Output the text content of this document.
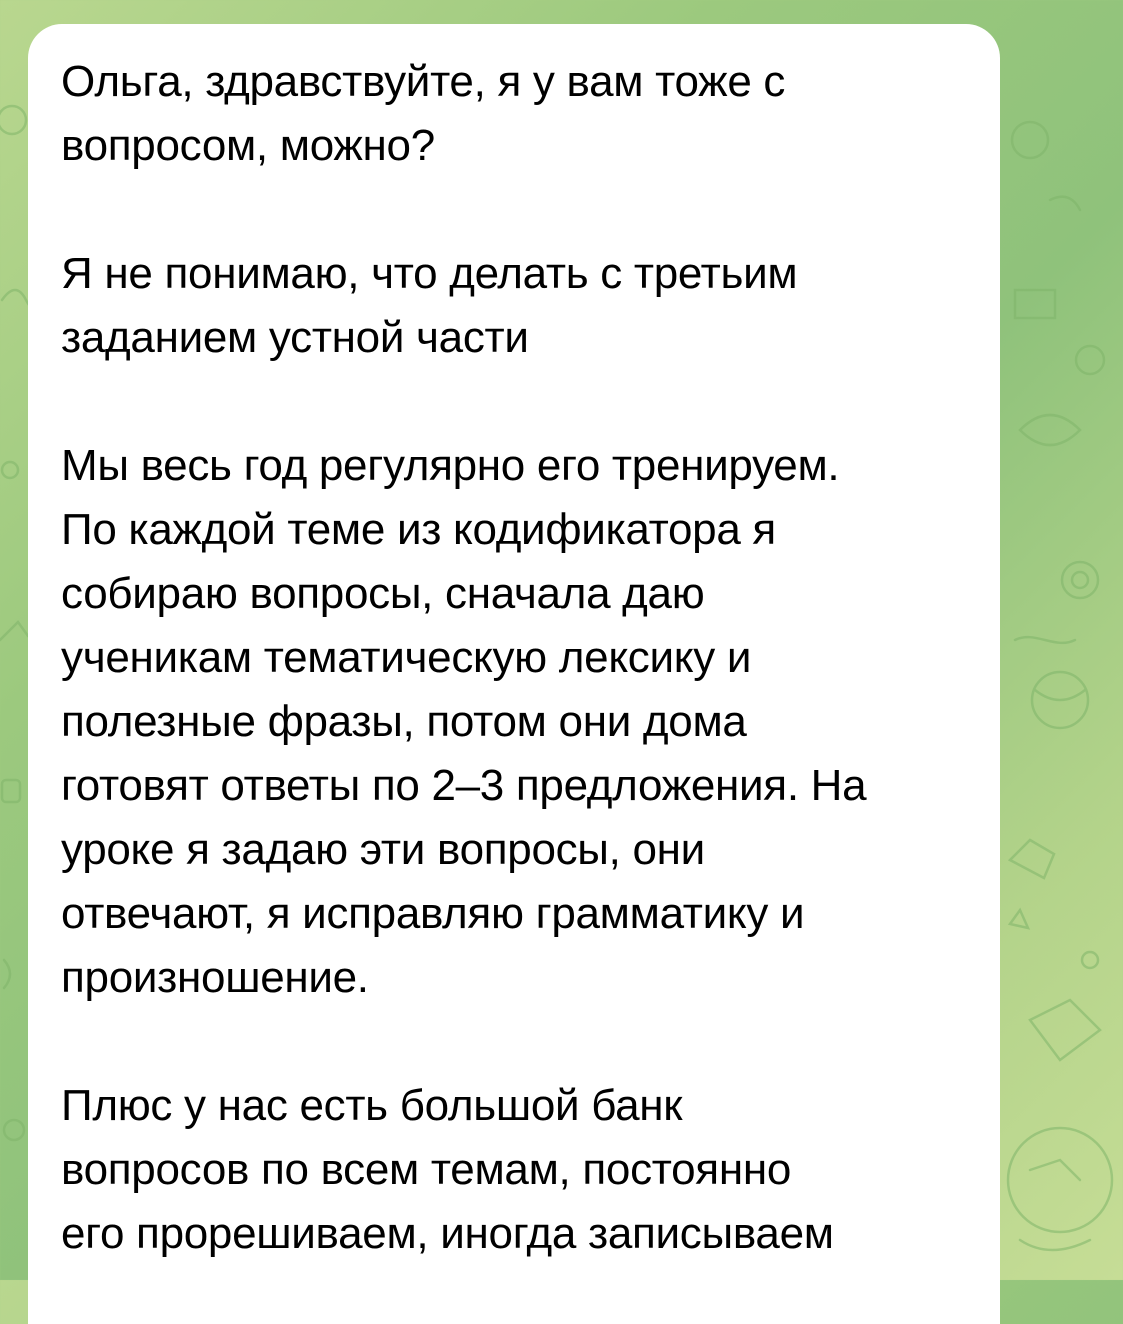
Ольга, здравствуйте, я у вам тоже с
вопросом, можно?

Я не понимаю, что делать с третьим
заданием устной части

Мы весь год регулярно его тренируем.
По каждой теме из кодификатора я
собираю вопросы, сначала даю
ученикам тематическую лексику и
полезные фразы, потом они дома
готовят ответы по 2–3 предложения. На
уроке я задаю эти вопросы, они
отвечают, я исправляю грамматику и
произношение.

Плюс у нас есть большой банк
вопросов по всем темам, постоянно
его прорешиваем, иногда записываем
